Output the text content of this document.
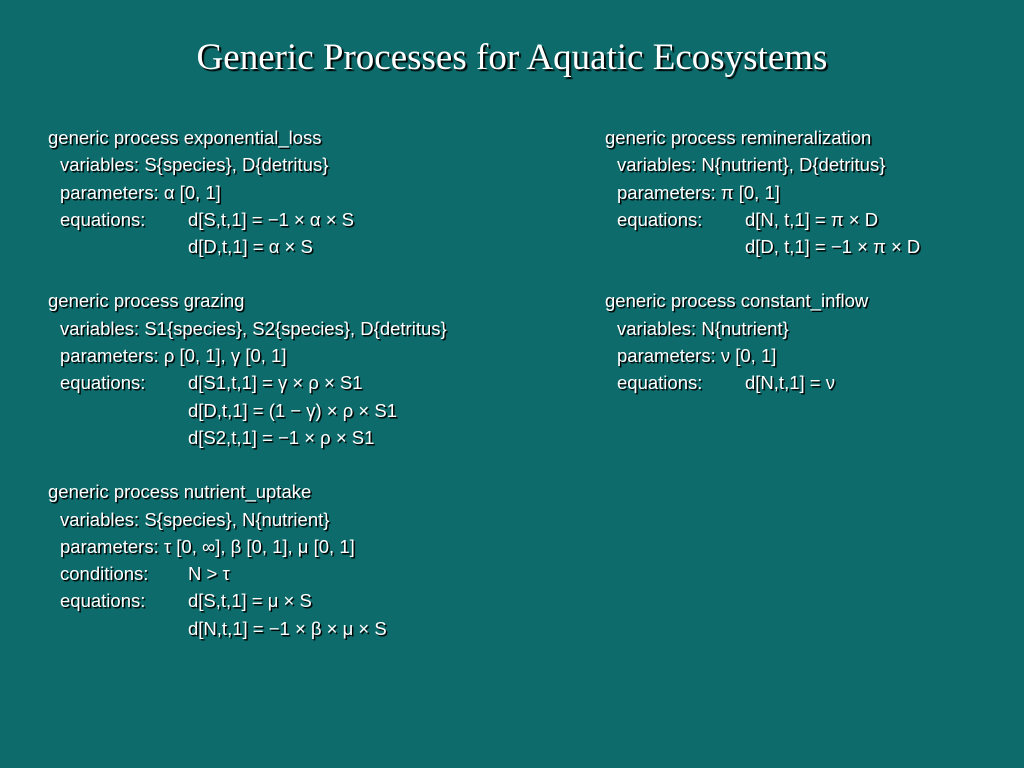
Generic Processes for Aquatic Ecosystems
generic process exponential_loss
variables: S{species}, D{detritus}
parameters: α [0, 1]
equations: d[S,t,1] = −1 × α × S
d[D,t,1] = α × S
generic process grazing
variables: S1{species}, S2{species}, D{detritus}
parameters: ρ [0, 1], γ [0, 1]
equations: d[S1,t,1] = γ × ρ × S1
d[D,t,1] = (1 − γ) × ρ × S1
d[S2,t,1] = −1 × ρ × S1
generic process nutrient_uptake
variables: S{species}, N{nutrient}
parameters: τ [0, ∞], β [0, 1], μ [0, 1]
conditions: N > τ
equations: d[S,t,1] = μ × S
d[N,t,1] = −1 × β × μ × S
generic process remineralization
variables: N{nutrient}, D{detritus}
parameters: π [0, 1]
equations: d[N, t,1] = π × D
d[D, t,1] = −1 × π × D
generic process constant_inflow
variables: N{nutrient}
parameters: ν [0, 1]
equations: d[N,t,1] = ν
